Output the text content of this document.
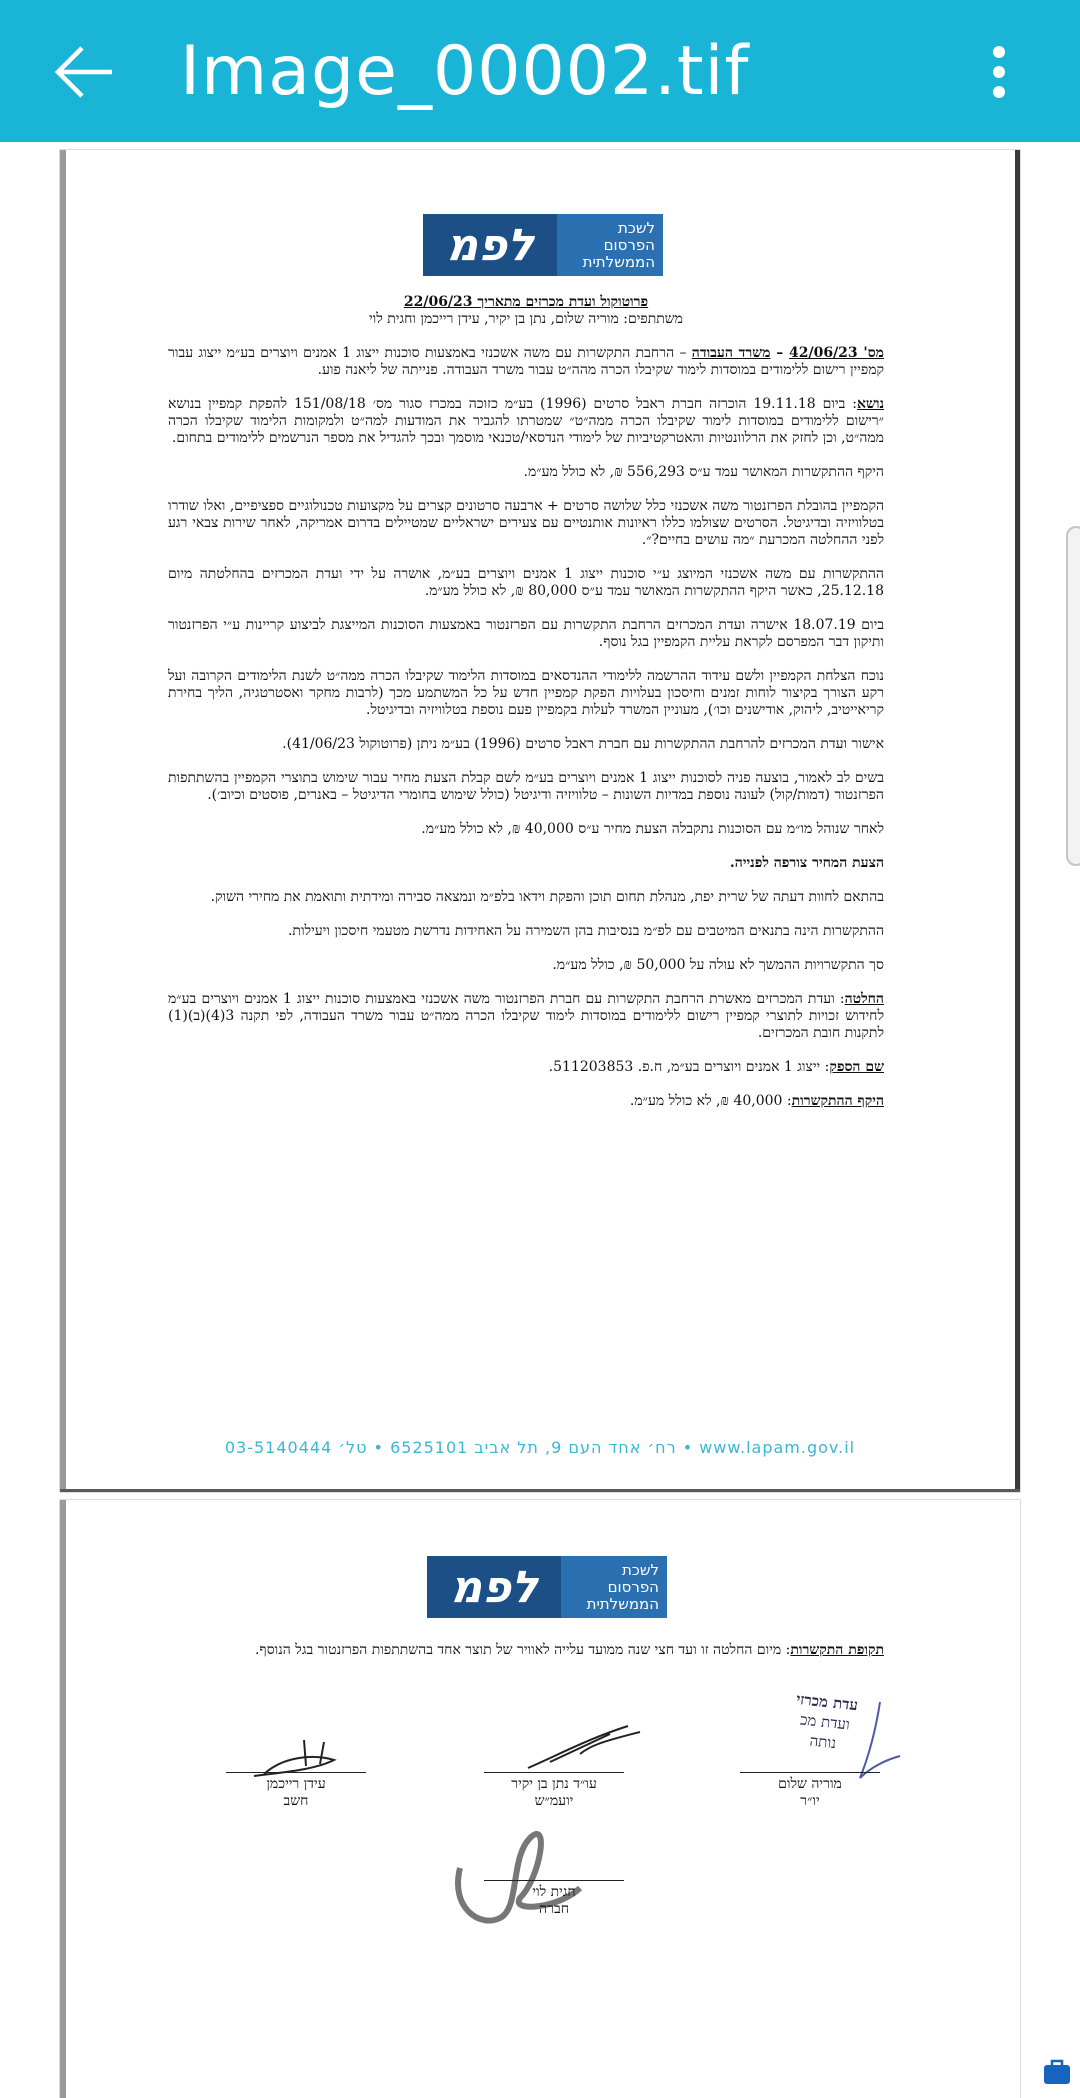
Image_00002.tif
לפמ	לשכת
הפרסום
הממשלתית
פרוטוקול ועדת מכרזים מתאריך 22/06/23

משתתפים: מוריה שלום, נתן בן יקיר, עידן רייכמן וחגית לוי

מס' 42/06/23 – משרד העבודה – הרחבת התקשרות עם משה אשכנזי באמצעות סוכנות ייצוג 1 אמנים ויוצרים בע״מ ייצוג עבור קמפיין רישום ללימודים במוסדות לימוד שקיבלו הכרה מהה״ט עבור משרד העבודה. פנייתה של ליאנה פוע.

נושא: ביום 19.11.18 הוכרזה חברת ראבל סרטים (1996) בע״מ כזוכה במכרז סגור מס׳ 151/08/18 להפקת קמפיין בנושא ״רישום ללימודים במוסדות לימוד שקיבלו הכרה ממה״ט״ שמטרתו להגביר את המודעות למה״ט ולמקומות הלימוד שקיבלו הכרה ממה״ט, וכן לחזק את הרלוונטיות והאטרקטיביות של לימודי הנדסאי/טכנאי מוסמך ובכך להגדיל את מספר הנרשמים ללימודים בתחום.

היקף ההתקשרות המאושר עמד ע״ס 556,293 ₪, לא כולל מע״מ.

הקמפיין בהובלת הפרזנטור משה אשכנזי כלל שלושה סרטים + ארבעה סרטונים קצרים על מקצועות טכנולוגיים ספציפיים, ואלו שודרו בטלוויזיה ובדיגיטל. הסרטים שצולמו כללו ראיונות אותנטיים עם צעירים ישראליים שמטיילים בדרום אמריקה, לאחר שירות צבאי רגע לפני ההחלטה המכרעת ״מה עושים בחיים?״.

ההתקשרות עם משה אשכנזי המיוצג ע״י סוכנות ייצוג 1 אמנים ויוצרים בע״מ, אושרה על ידי ועדת המכרזים בהחלטתה מיום 25.12.18, כאשר היקף ההתקשרות המאושר עמד ע״ס 80,000 ₪, לא כולל מע״מ.

ביום 18.07.19 אישרה ועדת המכרזים הרחבת התקשרות עם הפרזנטור באמצעות הסוכנות המייצגת לביצוע קריינות ע״י הפרזנטור ותיקון דבר המפרסם לקראת עליית הקמפיין בגל נוסף.

נוכח הצלחת הקמפיין ולשם עידוד ההרשמה ללימודי ההנדסאים במוסדות הלימוד שקיבלו הכרה ממה״ט לשנת הלימודים הקרובה ועל רקע הצורך בקיצור לוחות זמנים וחיסכון בעלויות הפקת קמפיין חדש על כל המשתמע מכך (לרבות מחקר ואסטרטגיה, הליך בחירת קריאייטיב, ליהוק, אודישנים וכו׳), מעוניין המשרד לעלות בקמפיין פעם נוספת בטלוויזיה ובדיגיטל.

אישור ועדת המכרזים להרחבת ההתקשרות עם חברת ראבל סרטים (1996) בע״מ ניתן (פרוטוקול 41/06/23).

בשים לב לאמור, בוצעה פניה לסוכנות ייצוג 1 אמנים ויוצרים בע״מ לשם קבלת הצעת מחיר עבור שימוש בתוצרי הקמפיין בהשתתפות הפרזנטור (דמות/קול) לעונה נוספת במדיות השונות – טלוויזיה ודיגיטל (כולל שימוש בחומרי הדיגיטל – באנרים, פוסטים וכיוב׳).

לאחר שנוהל מו״מ עם הסוכנות נתקבלה הצעת מחיר ע״ס 40,000 ₪, לא כולל מע״מ.

הצעת המחיר צורפה לפנייה.

בהתאם לחוות דעתה של שרית יפת, מנהלת תחום תוכן והפקת וידאו בלפ״מ ונמצאה סבירה ומידתית ותואמת את מחירי השוק.

ההתקשרות הינה בתנאים המיטבים עם לפ״מ בנסיבות בהן השמירה על האחידות נדרשת מטעמי חיסכון ויעילות.

סך התקשרויות ההמשך לא עולה על 50,000 ₪, כולל מע״מ.

החלטה: ועדת המכרזים מאשרת הרחבת התקשרות עם חברת הפרזנטור משה אשכנזי באמצעות סוכנות ייצוג 1 אמנים ויוצרים בע״מ לחידוש זכויות לתוצרי קמפיין רישום ללימודים במוסדות לימוד שקיבלו הכרה ממה״ט עבור משרד העבודה, לפי תקנה 3(4)(ב)(1) לתקנות חובת המכרזים.

שם הספק: ייצוג 1 אמנים ויוצרים בע״מ, ח.פ. 511203853.

היקף ההתקשרות: 40,000 ₪, לא כולל מע״מ.

רח׳ אחד העם 9, תל אביב 6525101 • טל׳ 03-5140444 • www.lapam.gov.il
לפמ	לשכת
הפרסום
הממשלתית
תקופת התקשרות: מיום החלטה זו ועד חצי שנה ממועד עלייה לאוויר של תוצר אחד בהשתתפות הפרזנטור בגל הנוסף.
עדת מכרזי
ועדת מכ
נותה
מוריה שלום
יו״ר
עו״ד נתן בן יקיר
יועמ״ש
עידן רייכמן
חשב
חגית לוי
חברה
